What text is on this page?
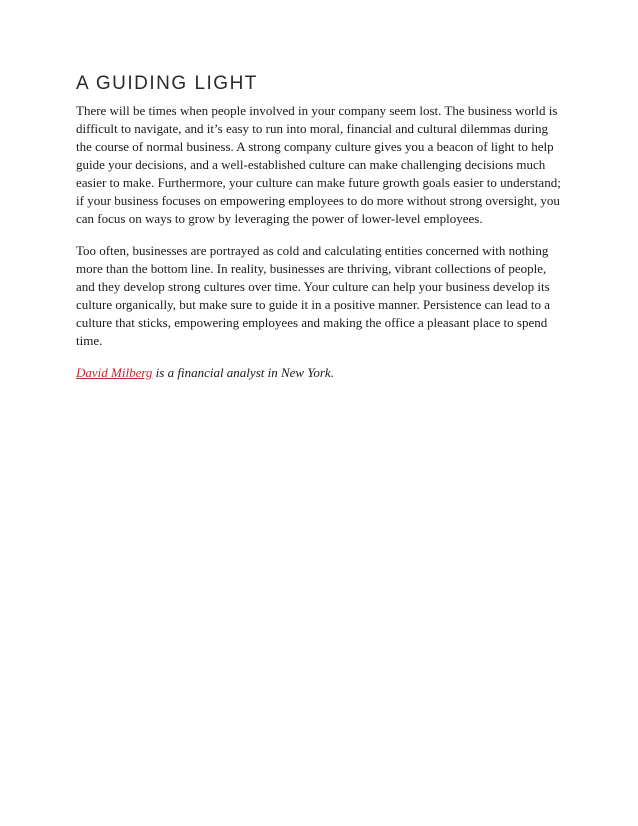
A GUIDING LIGHT

There will be times when people involved in your company seem lost. The business world is difficult to navigate, and it’s easy to run into moral, financial and cultural dilemmas during the course of normal business. A strong company culture gives you a beacon of light to help guide your decisions, and a well-established culture can make challenging decisions much easier to make. Furthermore, your culture can make future growth goals easier to understand; if your business focuses on empowering employees to do more without strong oversight, you can focus on ways to grow by leveraging the power of lower-level employees.

Too often, businesses are portrayed as cold and calculating entities concerned with nothing more than the bottom line. In reality, businesses are thriving, vibrant collections of people, and they develop strong cultures over time. Your culture can help your business develop its culture organically, but make sure to guide it in a positive manner. Persistence can lead to a culture that sticks, empowering employees and making the office a pleasant place to spend time.

David Milberg is a financial analyst in New York.
